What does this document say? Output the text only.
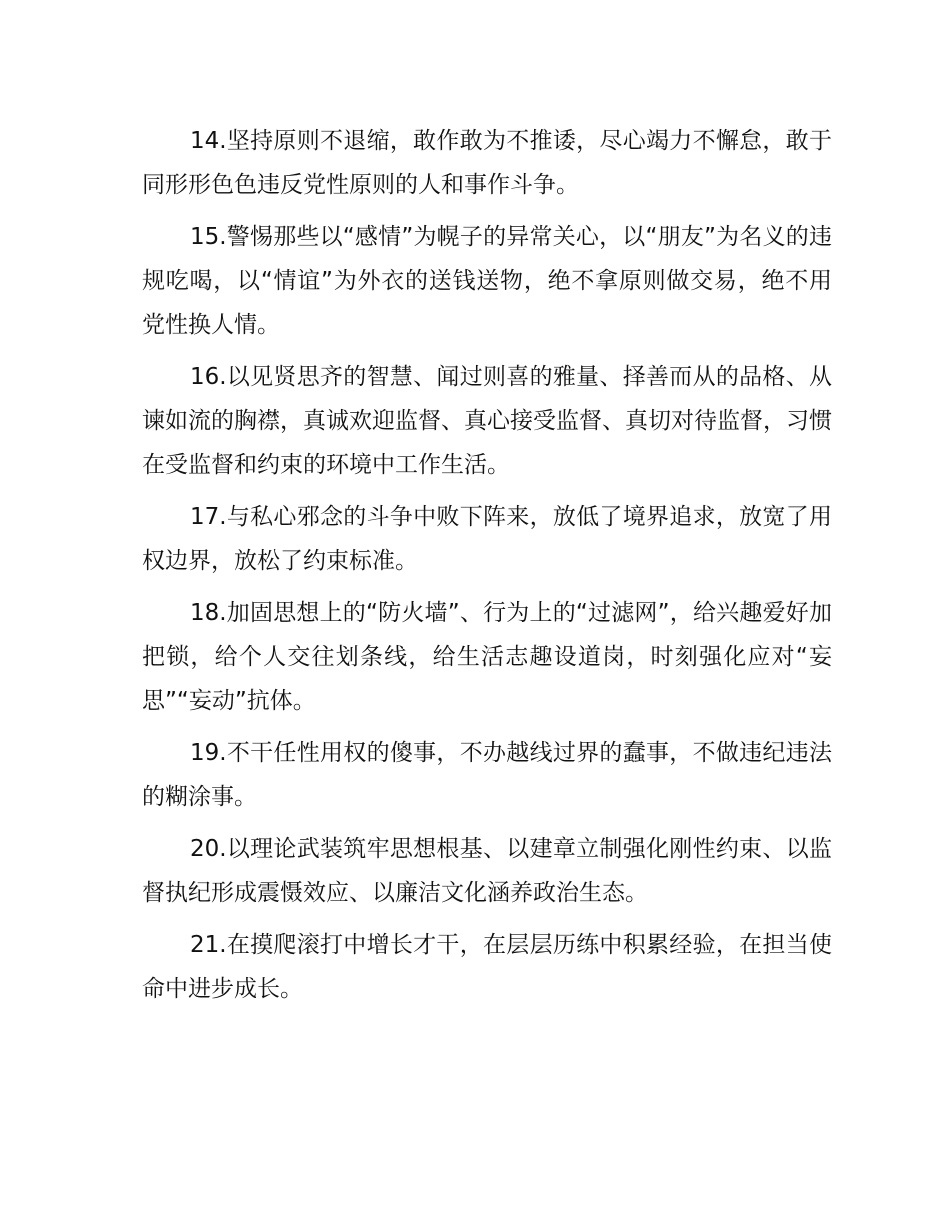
14.坚持原则不退缩，敢作敢为不推诿，尽心竭力不懈怠，敢于同形形色色违反党性原则的人和事作斗争。

15.警惕那些以“感情”为幌子的异常关心，以“朋友”为名义的违规吃喝，以“情谊”为外衣的送钱送物，绝不拿原则做交易，绝不用党性换人情。

16.以见贤思齐的智慧、闻过则喜的雅量、择善而从的品格、从谏如流的胸襟，真诚欢迎监督、真心接受监督、真切对待监督，习惯在受监督和约束的环境中工作生活。

17.与私心邪念的斗争中败下阵来，放低了境界追求，放宽了用权边界，放松了约束标准。

18.加固思想上的“防火墙”、行为上的“过滤网”，给兴趣爱好加把锁，给个人交往划条线，给生活志趣设道岗，时刻强化应对“妄思”“妄动”抗体。

19.不干任性用权的傻事，不办越线过界的蠢事，不做违纪违法的糊涂事。

20.以理论武装筑牢思想根基、以建章立制强化刚性约束、以监督执纪形成震慑效应、以廉洁文化涵养政治生态。

21.在摸爬滚打中增长才干，在层层历练中积累经验，在担当使命中进步成长。
